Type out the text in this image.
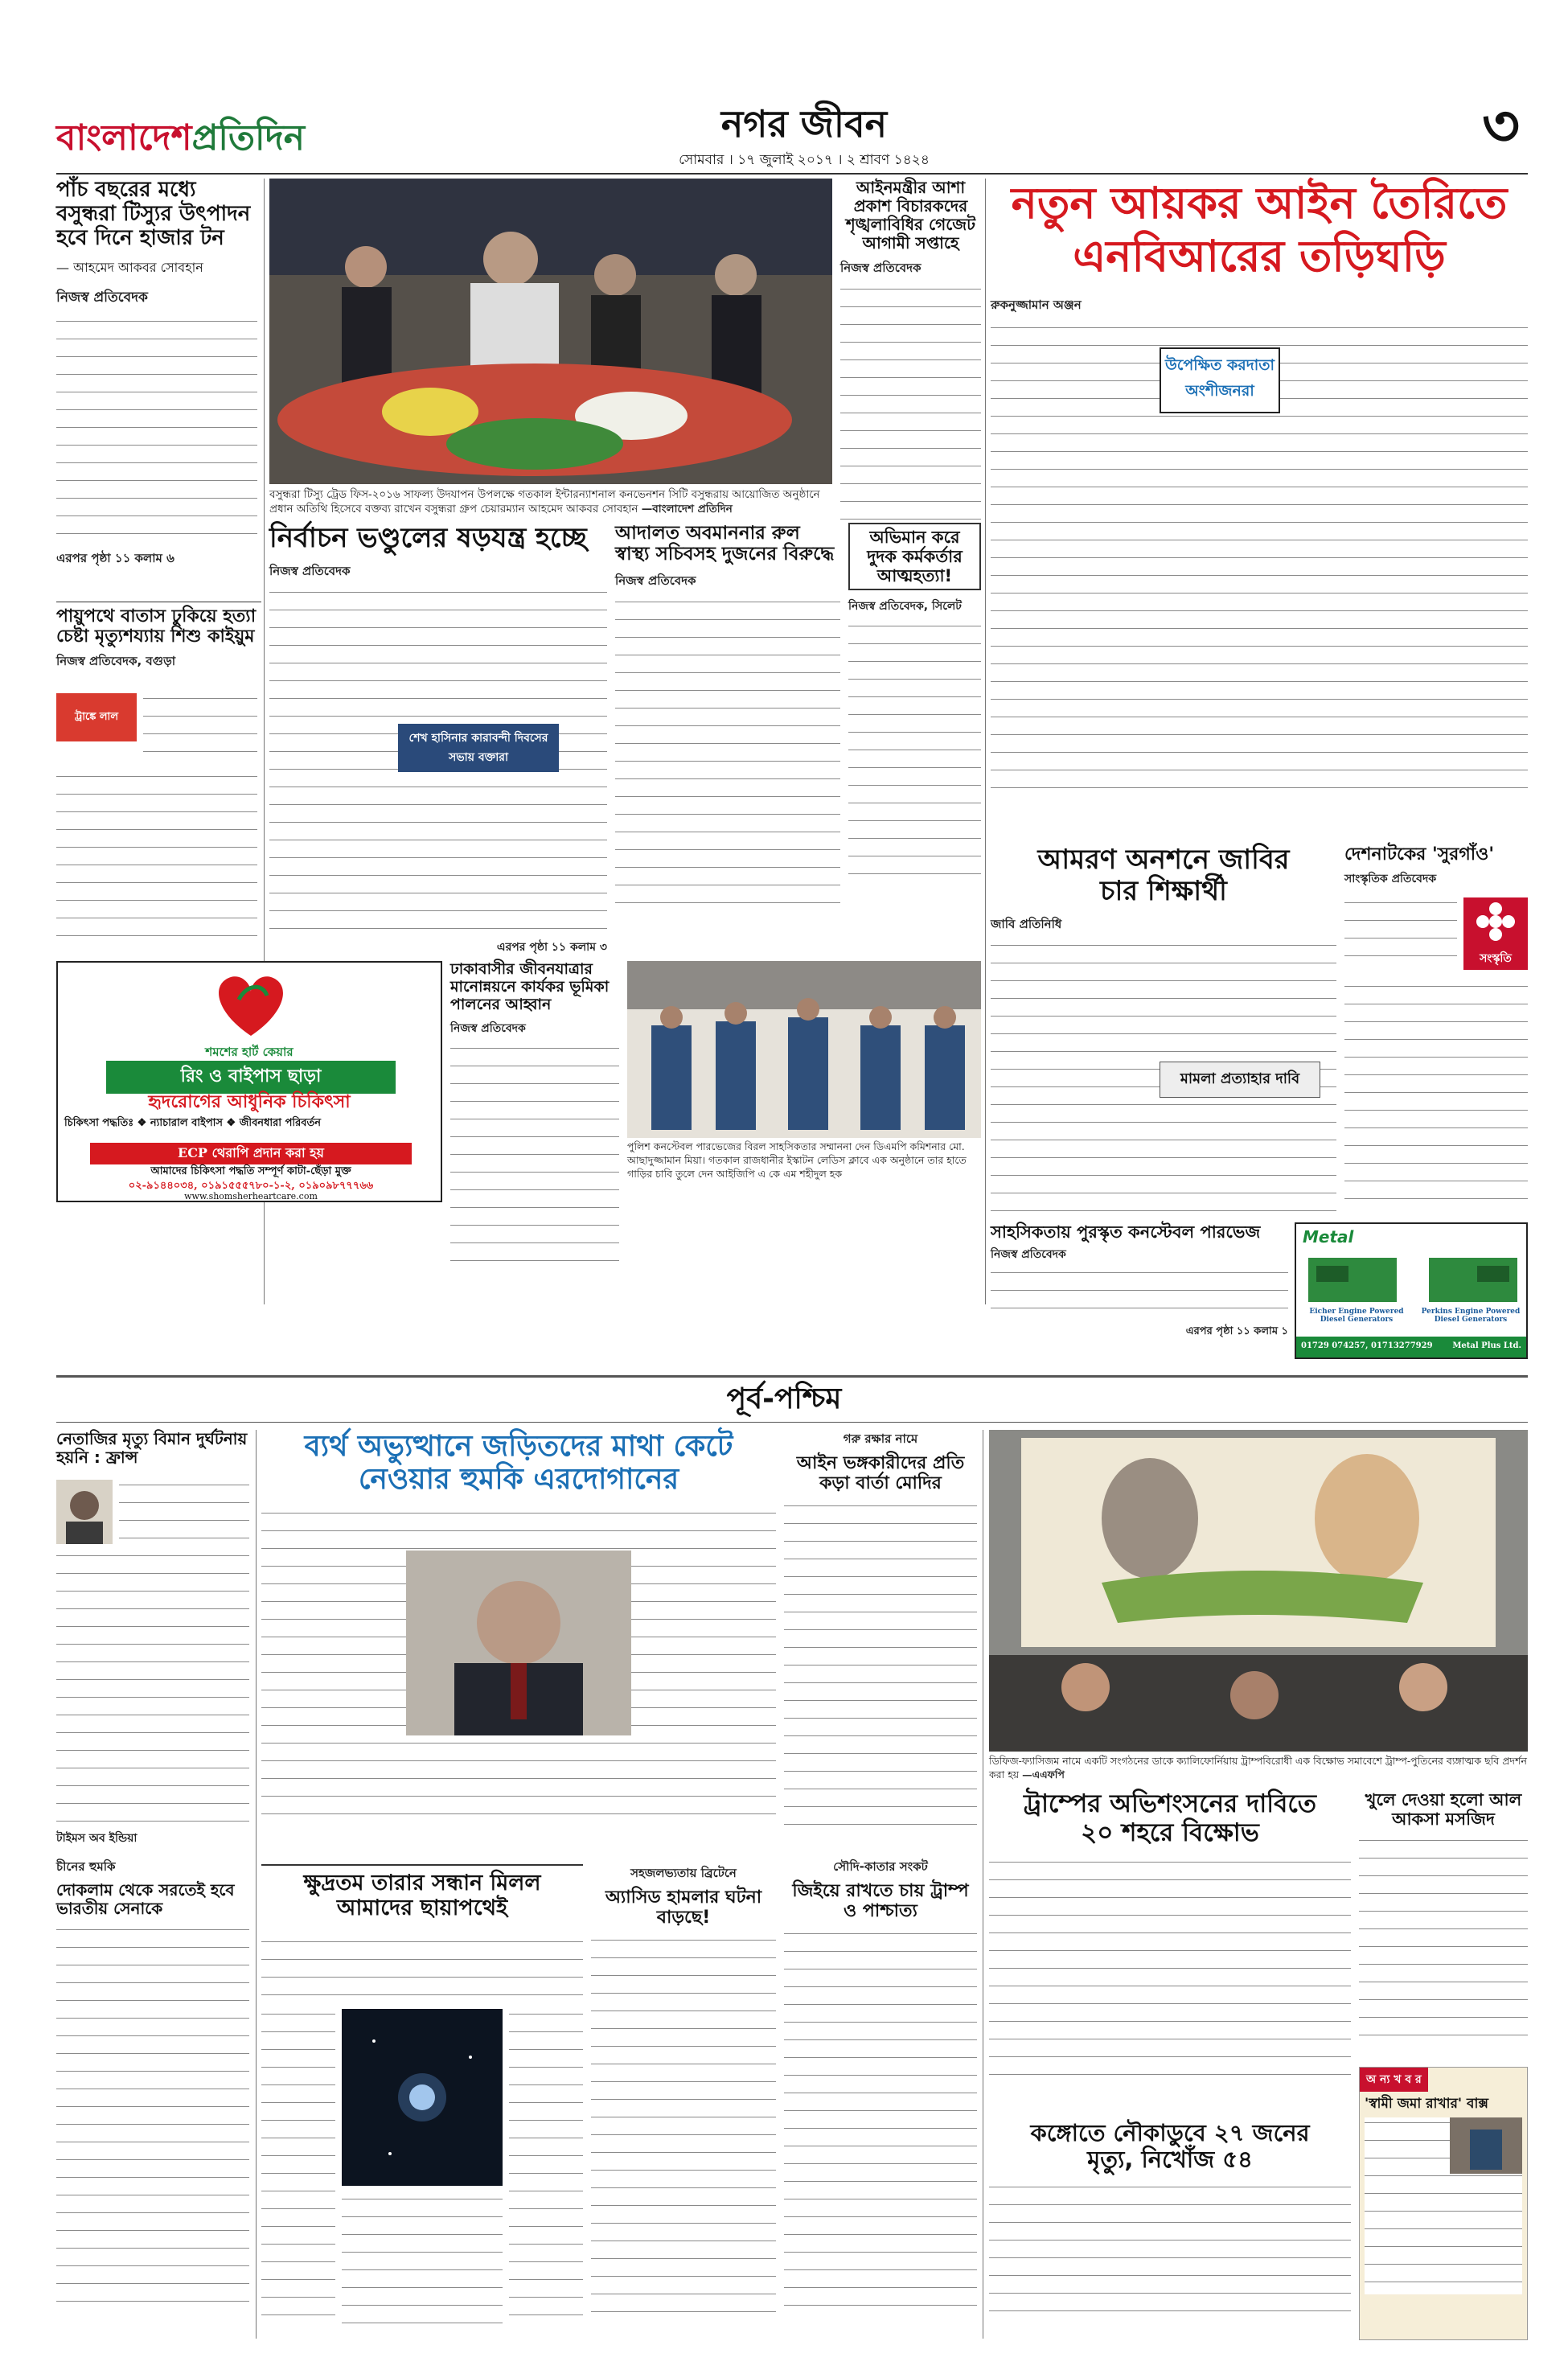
বাংলাদেশপ্রতিদিন	নগর জীবন
সোমবার । ১৭ জুলাই ২০১৭ । ২ শ্রাবণ ১৪২৪
৩
পাঁচ বছরের মধ্যে বসুন্ধরা টিস্যুর উৎপাদন হবে দিনে হাজার টন
— আহমেদ আকবর সোবহান
নিজস্ব প্রতিবেদক
এরপর পৃষ্ঠা ১১ কলাম ৬
বসুন্ধরা টিস্যু ট্রেড ফিস-২০১৬ সাফল্য উদযাপন উপলক্ষে গতকাল ইন্টারন্যাশনাল কনভেনশন সিটি বসুন্ধরায় আয়োজিত অনুষ্ঠানে প্রধান অতিথি হিসেবে বক্তব্য রাখেন বসুন্ধরা গ্রুপ চেয়ারম্যান আহমেদ আকবর সোবহান —বাংলাদেশ প্রতিদিন
আইনমন্ত্রীর আশা প্রকাশ বিচারকদের শৃঙ্খলাবিধির গেজেট আগামী সপ্তাহে
নিজস্ব প্রতিবেদক
নতুন আয়কর আইন তৈরিতে
এনবিআরের তড়িঘড়ি
রুকনুজ্জামান অঞ্জন
উপেক্ষিত করদাতা
অংশীজনরা
পায়ুপথে বাতাস ঢুকিয়ে হত্যা চেষ্টা মৃত্যুশয্যায় শিশু কাইয়ুম
নিজস্ব প্রতিবেদক, বগুড়া
ট্রাঙ্কে লাল
নির্বাচন ভণ্ডুলের ষড়যন্ত্র হচ্ছে
নিজস্ব প্রতিবেদক
শেখ হাসিনার কারাবন্দী দিবসের সভায় বক্তারা
এরপর পৃষ্ঠা ১১ কলাম ৩
আদালত অবমাননার রুল স্বাস্থ্য সচিবসহ দুজনের বিরুদ্ধে
নিজস্ব প্রতিবেদক
অভিমান করে দুদক কর্মকর্তার আত্মহত্যা!
নিজস্ব প্রতিবেদক, সিলেট
আমরণ অনশনে জাবির
চার শিক্ষার্থী
জাবি প্রতিনিধি
মামলা প্রত্যাহার দাবি
দেশনাটকের 'সুরগাঁও'
সাংস্কৃতিক প্রতিবেদক
সংস্কৃতি
শমশের হার্ট কেয়ার
রিং ও বাইপাস ছাড়া
হৃদরোগের আধুনিক চিকিৎসা
চিকিৎসা পদ্ধতিঃ ❖ ন্যাচারাল বাইপাস ❖ জীবনধারা পরিবর্তন
ECP থেরাপি প্রদান করা হয়
আমাদের চিকিৎসা পদ্ধতি সম্পূর্ণ কাটা-ছেঁড়া মুক্ত
০২-৯১৪৪০৩৪, ০১৯১৫৫৫৭৮০-১-২, ০১৯০৯৮৭৭৭৬৬
www.shomsherheartcare.com
ঢাকাবাসীর জীবনযাত্রার মানোন্নয়নে কার্যকর ভূমিকা পালনের আহ্বান
নিজস্ব প্রতিবেদক
পুলিশ কনস্টেবল পারভেজের বিরল সাহসিকতার সম্মাননা দেন ডিএমপি কমিশনার মো. আছাদুজ্জামান মিয়া। গতকাল রাজধানীর ইস্কাটন লেডিস ক্লাবে এক অনুষ্ঠানে তার হাতে গাড়ির চাবি তুলে দেন আইজিপি এ কে এম শহীদুল হক
সাহসিকতায় পুরস্কৃত কনস্টেবল পারভেজ
নিজস্ব প্রতিবেদক
এরপর পৃষ্ঠা ১১ কলাম ১
Metal
Eicher Engine Powered Diesel Generators
Perkins Engine Powered Diesel Generators
01729 074257, 01713277929 Metal Plus Ltd.
পূর্ব-পশ্চিম
নেতাজির মৃত্যু বিমান দুর্ঘটনায় হয়নি : ফ্রান্স
টাইমস অব ইন্ডিয়া
চীনের হুমকি
দোকলাম থেকে সরতেই হবে ভারতীয় সেনাকে
ব্যর্থ অভ্যুত্থানে জড়িতদের মাথা কেটে
নেওয়ার হুমকি এরদোগানের
গরু রক্ষার নামে
আইন ভঙ্গকারীদের প্রতি কড়া বার্তা মোদির
ডিফিজ-ফ্যাসিজম নামে একটি সংগঠনের ডাকে ক্যালিফোর্নিয়ায় ট্রাম্পবিরোধী এক বিক্ষোভ সমাবেশে ট্রাম্প-পুতিনের ব্যঙ্গাত্মক ছবি প্রদর্শন করা হয় —এএফপি
ট্রাম্পের অভিশংসনের দাবিতে
২০ শহরে বিক্ষোভ
খুলে দেওয়া হলো আল আকসা মসজিদ
অ ন্য খ ব র
'স্বামী জমা রাখার' বাক্স
কঙ্গোতে নৌকাডুবে ২৭ জনের
মৃত্যু, নিখোঁজ ৫৪
সৌদি-কাতার সংকট
জিইয়ে রাখতে চায় ট্রাম্প ও পাশ্চাত্য
ক্ষুদ্রতম তারার সন্ধান মিলল
আমাদের ছায়াপথেই
সহজলভ্যতায় ব্রিটেনে
অ্যাসিড হামলার ঘটনা বাড়ছে!
